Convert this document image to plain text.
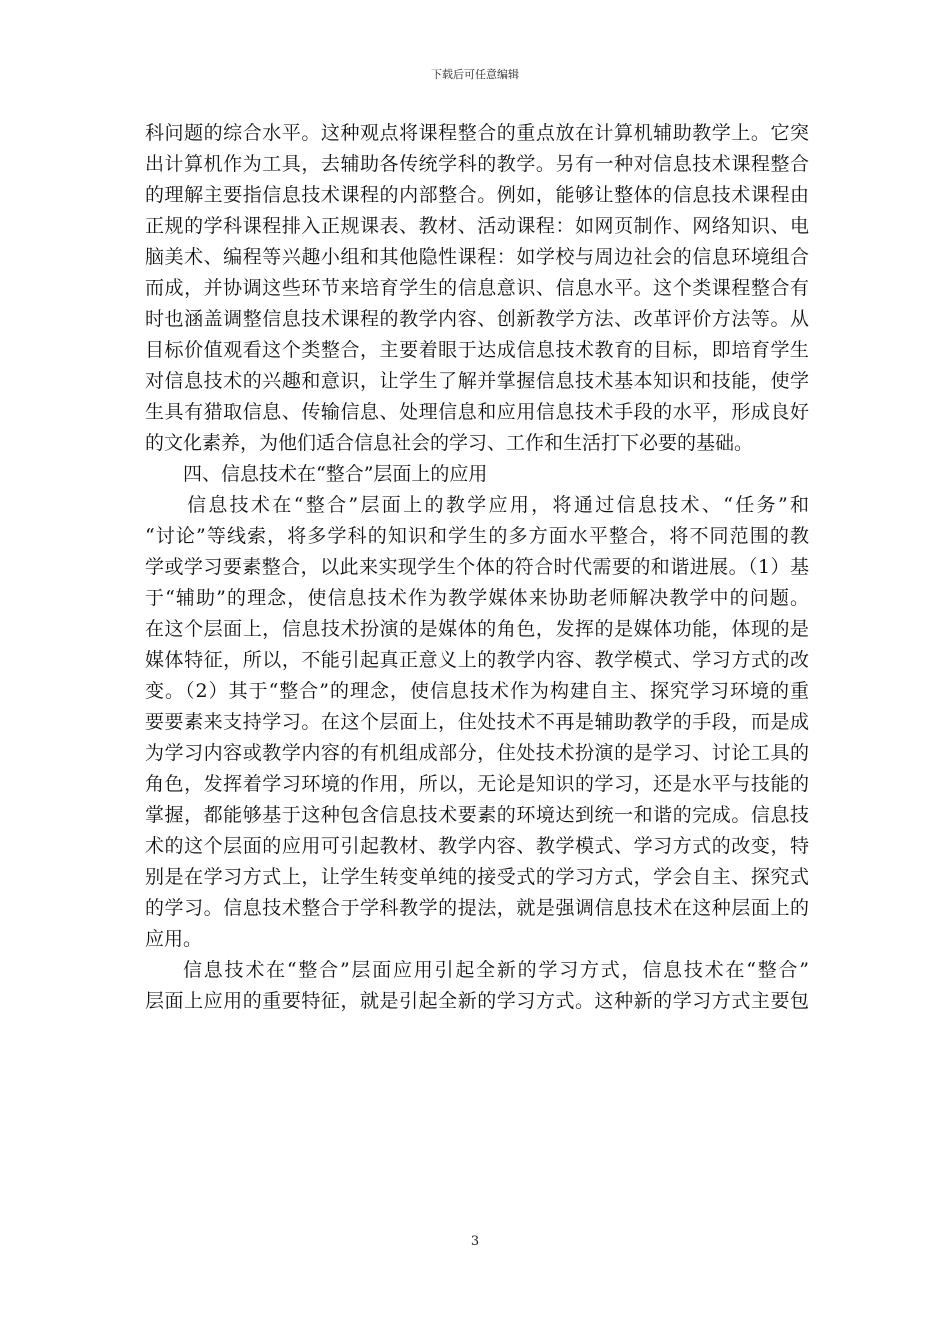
下载后可任意编辑
科问题的综合水平。这种观点将课程整合的重点放在计算机辅助教学上。它突
出计算机作为工具，去辅助各传统学科的教学。另有一种对信息技术课程整合
的理解主要指信息技术课程的内部整合。例如，能够让整体的信息技术课程由
正规的学科课程排入正规课表、教材、活动课程：如网页制作、网络知识、电
脑美术、编程等兴趣小组和其他隐性课程：如学校与周边社会的信息环境组合
而成，并协调这些环节来培育学生的信息意识、信息水平。这个类课程整合有
时也涵盖调整信息技术课程的教学内容、创新教学方法、改革评价方法等。从
目标价值观看这个类整合，主要着眼于达成信息技术教育的目标，即培育学生
对信息技术的兴趣和意识，让学生了解并掌握信息技术基本知识和技能，使学
生具有猎取信息、传输信息、处理信息和应用信息技术手段的水平，形成良好
的文化素养，为他们适合信息社会的学习、工作和生活打下必要的基础。
四、信息技术在“整合”层面上的应用
信息技术在“整合”层面上的教学应用，将通过信息技术、“任务”和
“讨论”等线索，将多学科的知识和学生的多方面水平整合，将不同范围的教
学或学习要素整合，以此来实现学生个体的符合时代需要的和谐进展。（1）基
于“辅助”的理念，使信息技术作为教学媒体来协助老师解决教学中的问题。
在这个层面上，信息技术扮演的是媒体的角色，发挥的是媒体功能，体现的是
媒体特征，所以，不能引起真正意义上的教学内容、教学模式、学习方式的改
变。（2）其于“整合”的理念，使信息技术作为构建自主、探究学习环境的重
要要素来支持学习。在这个层面上，住处技术不再是辅助教学的手段，而是成
为学习内容或教学内容的有机组成部分，住处技术扮演的是学习、讨论工具的
角色，发挥着学习环境的作用，所以，无论是知识的学习，还是水平与技能的
掌握，都能够基于这种包含信息技术要素的环境达到统一和谐的完成。信息技
术的这个层面的应用可引起教材、教学内容、教学模式、学习方式的改变，特
别是在学习方式上，让学生转变单纯的接受式的学习方式，学会自主、探究式
的学习。信息技术整合于学科教学的提法，就是强调信息技术在这种层面上的
应用。
信息技术在“整合”层面应用引起全新的学习方式，信息技术在“整合”
层面上应用的重要特征，就是引起全新的学习方式。这种新的学习方式主要包
3
